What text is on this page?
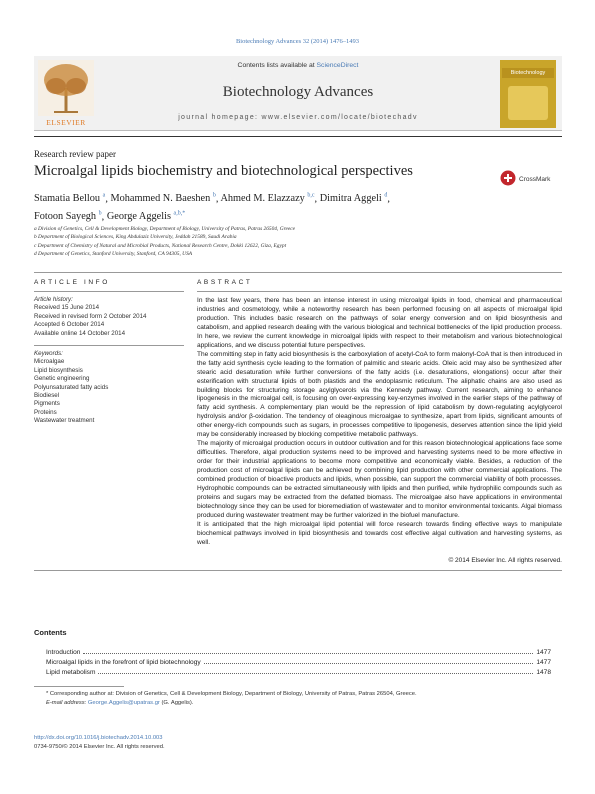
Biotechnology Advances 32 (2014) 1476–1493
ELSEVIER
Contents lists available at ScienceDirect
Biotechnology Advances
journal homepage: www.elsevier.com/locate/biotechadv
Biotechnology
Research review paper
Microalgal lipids biochemistry and biotechnological perspectives
CrossMark
Stamatia Bellou $^a$, Mohammed N. Baeshen $^b$, Ahmed M. Elazzazy $^{b,c}$, Dimitra Aggeli $^d$,
Fotoon Sayegh $^b$, George Aggelis $^{a,b,*}$
a Division of Genetics, Cell & Development Biology, Department of Biology, University of Patras, Patras 26504, Greece
b Department of Biological Sciences, King Abdulaziz University, Jeddah 21589, Saudi Arabia
c Department of Chemistry of Natural and Microbial Products, National Research Centre, Dokki 12622, Giza, Egypt
d Department of Genetics, Stanford University, Stanford, CA 94305, USA
ARTICLE INFO
Article history:
Received 15 June 2014
Received in revised form 2 October 2014
Accepted 6 October 2014
Available online 14 October 2014
Keywords:
Microalgae
Lipid biosynthesis
Genetic engineering
Polyunsaturated fatty acids
Biodiesel
Pigments
Proteins
Wastewater treatment
ABSTRACT

In the last few years, there has been an intense interest in using microalgal lipids in food, chemical and pharmaceutical industries and cosmetology, while a noteworthy research has been performed focusing on all aspects of microalgal lipid production. This includes basic research on the pathways of solar energy conversion and on lipid biosynthesis and catabolism, and applied research dealing with the various biological and technical bottlenecks of the lipid production process. In here, we review the current knowledge in microalgal lipids with respect to their metabolism and various biotechnological applications, and we discuss potential future perspectives.

The committing step in fatty acid biosynthesis is the carboxylation of acetyl-CoA to form malonyl-CoA that is then introduced in the fatty acid synthesis cycle leading to the formation of palmitic and stearic acids. Oleic acid may also be synthesized after stearic acid desaturation while further conversions of the fatty acids (i.e. desaturations, elongations) occur after their esterification with structural lipids of both plastids and the endoplasmic reticulum. The aliphatic chains are also used as building blocks for structuring storage acylglycerols via the Kennedy pathway. Current research, aiming to enhance lipogenesis in the microalgal cell, is focusing on over-expressing key-enzymes involved in the earlier steps of the pathway of fatty acid synthesis. A complementary plan would be the repression of lipid catabolism by down-regulating acylglycerol hydrolysis and/or β-oxidation. The tendency of oleaginous microalgae to synthesize, apart from lipids, significant amounts of other energy-rich compounds such as sugars, in processes competitive to lipogenesis, deserves attention since the lipid yield may be considerably increased by blocking competitive metabolic pathways.

The majority of microalgal production occurs in outdoor cultivation and for this reason biotechnological applications face some difficulties. Therefore, algal production systems need to be improved and harvesting systems need to be more effective in order for their industrial applications to become more competitive and economically viable. Besides, a reduction of the production cost of microalgal lipids can be achieved by combining lipid production with other commercial applications. The combined production of bioactive products and lipids, when possible, can support the commercial viability of both processes. Hydrophobic compounds can be extracted simultaneously with lipids and then purified, while hydrophilic compounds such as proteins and sugars may be extracted from the defatted biomass. The microalgae also have applications in environmental biotechnology since they can be used for bioremediation of wastewater and to monitor environmental toxicants. Algal biomass produced during wastewater treatment may be further valorized in the biofuel manufacture.

It is anticipated that the high microalgal lipid potential will force research towards finding effective ways to manipulate biochemical pathways involved in lipid biosynthesis and towards cost effective algal cultivation and harvesting systems, as well.

© 2014 Elsevier Inc. All rights reserved.
Contents
Introduction	1477
Microalgal lipids in the forefront of lipid biotechnology	1477
Lipid metabolism	1478
* Corresponding author at: Division of Genetics, Cell & Development Biology, Department of Biology, University of Patras, Patras 26504, Greece.
E-mail address: George.Aggelis@upatras.gr (G. Aggelis).
http://dx.doi.org/10.1016/j.biotechadv.2014.10.003
0734-9750/© 2014 Elsevier Inc. All rights reserved.
